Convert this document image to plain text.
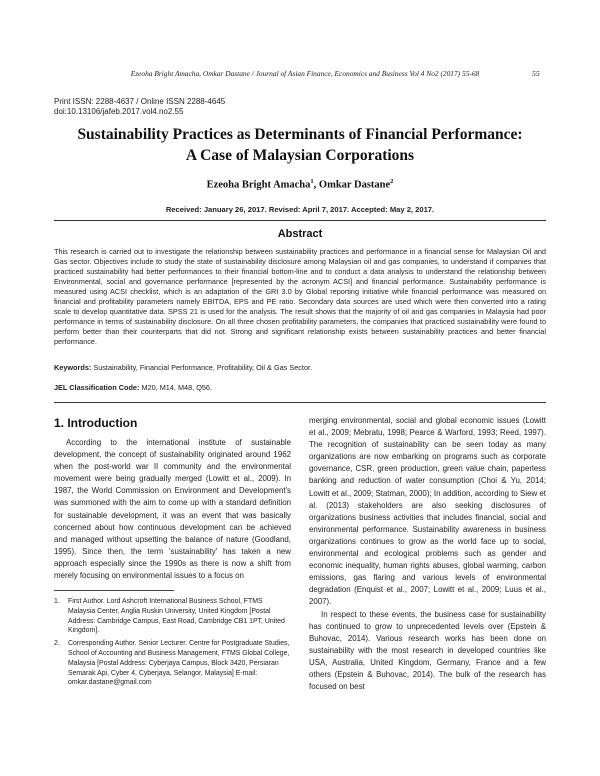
Ezeoha Bright Amacha, Omkar Dastane / Journal of Asian Finance, Economics and Business Vol 4 No2 (2017) 55-68	55
Print ISSN: 2288-4637 / Online ISSN 2288-4645
doi:10.13106/jafeb.2017.vol4.no2.55
Sustainability Practices as Determinants of Financial Performance:
A Case of Malaysian Corporations
Ezeoha Bright Amacha$^1$, Omkar Dastane$^2$
Received: January 26, 2017. Revised: April 7, 2017. Accepted: May 2, 2017.
Abstract
This research is carried out to investigate the relationship between sustainability practices and performance in a financial sense for Malaysian Oil and Gas sector. Objectives include to study the state of sustainability disclosure among Malaysian oil and gas companies, to understand if companies that practiced sustainability had better performances to their financial bottom-line and to conduct a data analysis to understand the relationship between Environmental, social and governance performance [represented by the acronym ACSI] and financial performance. Sustainability performance is measured using ACSI checklist, which is an adaptation of the GRI 3.0 by Global reporting initiative while financial performance was measured on financial and profitability parameters namely EBITDA, EPS and PE ratio. Secondary data sources are used which were then converted into a rating scale to develop quantitative data. SPSS 21 is used for the analysis. The result shows that the majority of oil and gas companies in Malaysia had poor performance in terms of sustainability disclosure. On all three chosen profitability parameters, the companies that practiced sustainability were found to perform better than their counterparts that did not. Strong and significant relationship exists between sustainability practices and better financial performance.
Keywords: Sustainability, Financial Performance, Profitability, Oil & Gas Sector.
JEL Classification Code: M20, M14, M48, Q56.
1. Introduction

According to the international institute of sustainable development, the concept of sustainability originated around 1962 when the post-world war II community and the environmental movement were being gradually merged (Lowitt et al., 2009). In 1987, the World Commission on Environment and Development's was summoned with the aim to come up with a standard definition for sustainable development, it was an event that was basically concerned about how continuous development can be achieved and managed without upsetting the balance of nature (Goodland, 1995). Since then, the term 'sustainability' has taken a new approach especially since the 1990s as there is now a shift from merely focusing on environmental issues to a focus on

merging environmental, social and global economic issues (Lowitt et al., 2009; Mebratu, 1998; Pearce & Warford, 1993; Reed, 1997). The recognition of sustainability can be seen today as many organizations are now embarking on programs such as corporate governance, CSR, green production, green value chain, paperless banking and reduction of water consumption (Choi & Yu, 2014; Lowitt et al., 2009; Statman, 2000); In addition, according to Siew et al. (2013) stakeholders are also seeking disclosures of organizations business activities that includes financial, social and environmental performance. Sustainability awareness in business organizations continues to grow as the world face up to social, environmental and ecological problems such as gender and economic inequality, human rights abuses, global warming, carbon emissions, gas flaring and various levels of environmental degradation (Enquist et al., 2007; Lowitt et al., 2009; Luus et al., 2007).

In respect to these events, the business case for sustainability has continued to grow to unprecedented levels over (Epstein & Buhovac, 2014). Various research works has been done on sustainability with the most research in developed countries like USA, Australia, United Kingdom, Germany, France and a few others (Epstein & Buhovac, 2014). The bulk of the research has focused on best

1.	First Author. Lord Ashcroft International Business School, FTMS Malaysia Center, Anglia Ruskin University, United Kingdom [Postal Address: Cambridge Campus, East Road, Cambridge CB1 1PT, United Kingdom].
2.	Corresponding Author. Senior Lecturer. Centre for Postgraduate Studies, School of Accounting and Business Management, FTMS Global College, Malaysia [Postal Address: Cyberjaya Campus, Block 3420, Persiaran Semarak Api, Cyber 4, Cyberjaya, Selangor, Malaysia] E-mail: omkar.dastane@gmail.com
